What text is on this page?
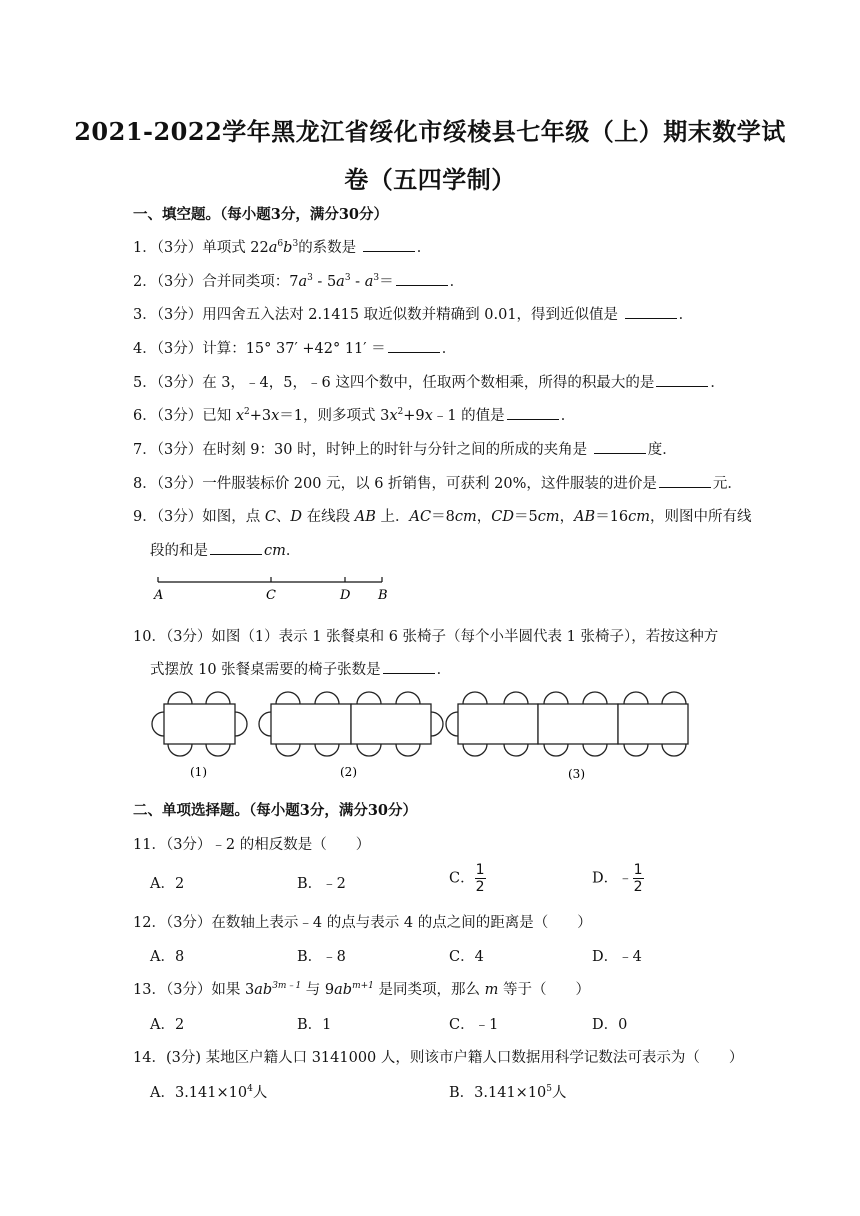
2021-2022学年黑龙江省绥化市绥棱县七年级（上）期末数学试
卷（五四学制）
一、填空题。（每小题3分，满分30分）
1．（3分）单项式 $22a^6b^3$的系数是	．
2．（3分）合并同类项：$7a^3 - 5a^3 - a^3=$	．
3．（3分）用四舍五入法对 2.1415 取近似数并精确到 0.01，得到近似值是	．
4．（3分）计算：15° 37′ +42° 11′ ＝	．
5．（3分）在 3，﹣4，5，﹣6 这四个数中，任取两个数相乘，所得的积最大的是	．
6．（3分）已知 $x^2+3x=1$，则多项式 $3x^2+9x﹣1$ 的值是	．
7．（3分）在时刻 9：30 时，时钟上的时针与分针之间的所成的夹角是	度．
8．（3分）一件服装标价 200 元，以 6 折销售，可获利 20%，这件服装的进价是	元．
9．（3分）如图，点 C、D 在线段 AB 上．AC＝8cm，CD＝5cm，AB＝16cm，则图中所有线
段的和是	cm．
A	C	D B
10．（3分）如图（1）表示 1 张餐桌和 6 张椅子（每个小半圆代表 1 张椅子），若按这种方
式摆放 10 张餐桌需要的椅子张数是	．
(1)	(2)	(3)
二、单项选择题。（每小题3分，满分30分）
11．（3分）﹣2 的相反数是（　　）
A．2	B．﹣2	C． $\frac{1}{2}$	D．﹣ $\frac{1}{2}$
12．（3分）在数轴上表示﹣4 的点与表示 4 的点之间的距离是（　　）
A．8	B．﹣8	C．4	D．﹣4
13．（3分）如果 $3ab^{3m﹣1}$ 与 $9ab^{m+1}$ 是同类项，那么 m 等于（　　）
A．2	B．1	C．﹣1	D．0
14．(3分) 某地区户籍人口 3141000 人，则该市户籍人口数据用科学记数法可表示为（　　）
A．$3.141\times 10^4$人	B．$3.141\times 10^5$人
